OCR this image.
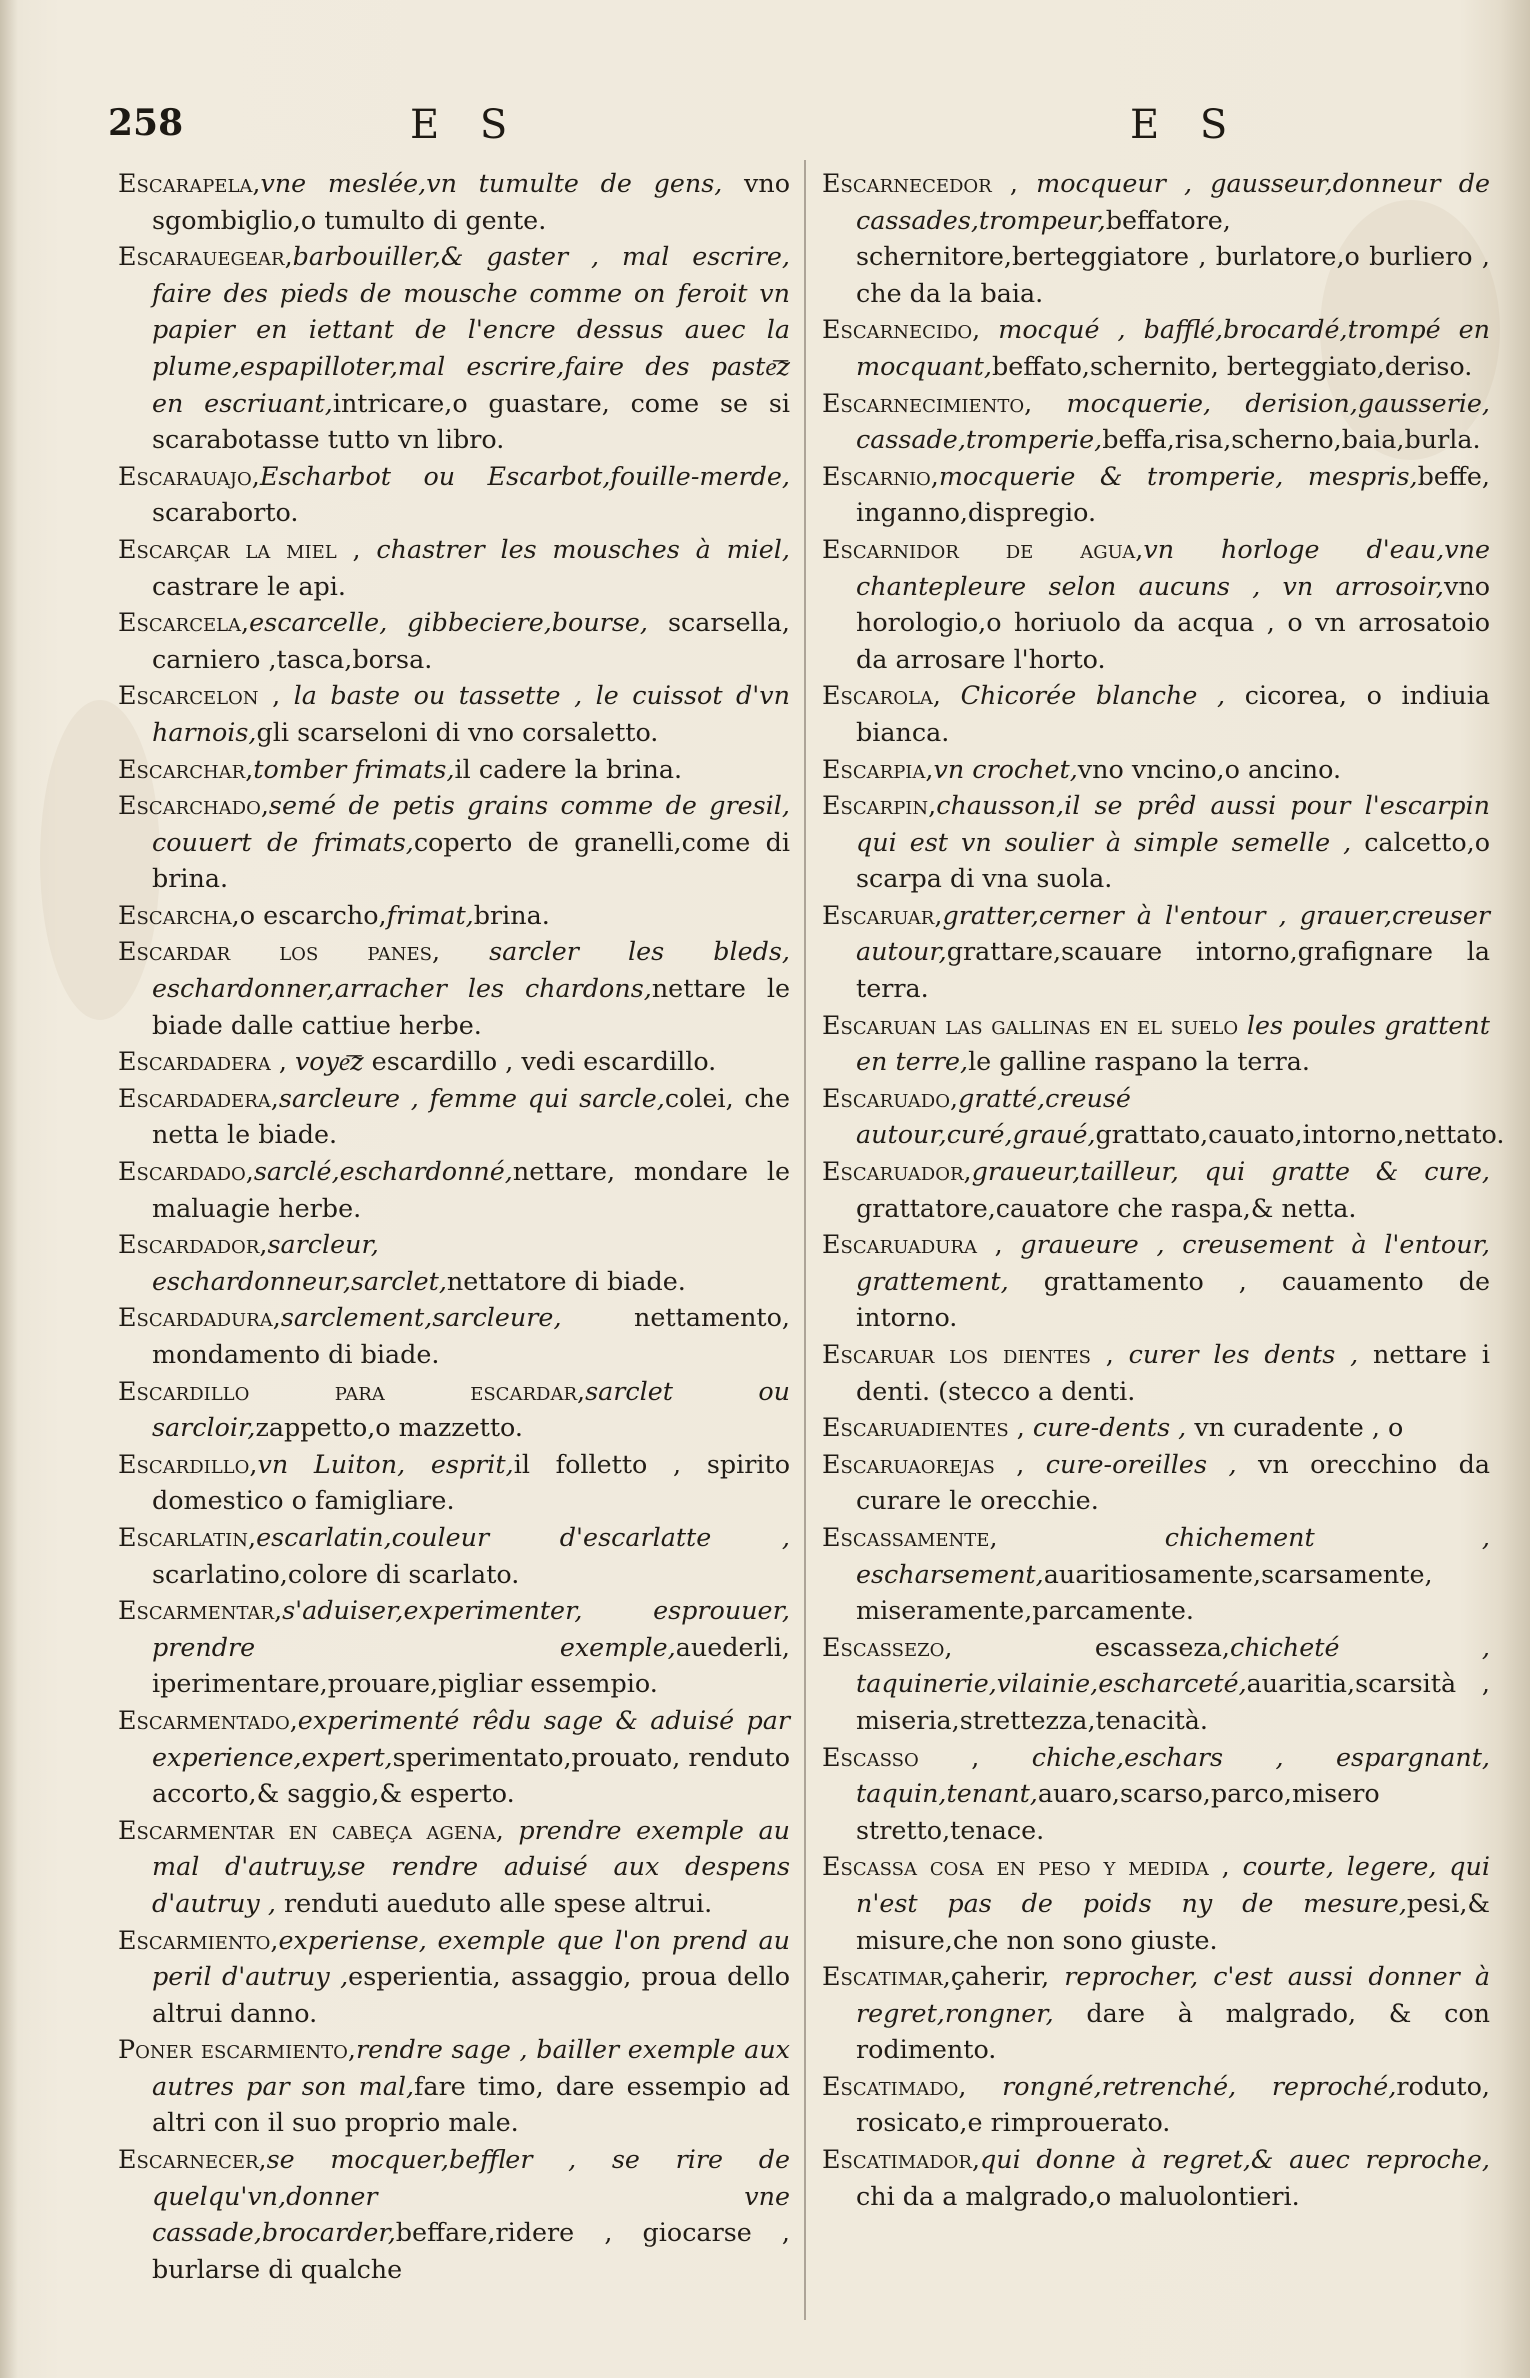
258	E S	E S

Escarapela,vne meslée,vn tumulte de gens, vno sgombiglio,o tumulto di gente.

Escarauegear,barbouiller,& gaster , mal escrire, faire des pieds de mousche comme on feroit vn papier en iettant de l'encre dessus auec la plume,espapilloter,mal escrire,faire des paste͞z en escriuant,intricare,o guastare, come se si scarabotasse tutto vn libro.

Escarauajo,Escharbot ou Escarbot,fouille-merde, scaraborto.

Escarçar la miel , chastrer les mousches à miel, castrare le api.

Escarcela,escarcelle, gibbeciere,bourse, scarsella, carniero ,tasca,borsa.

Escarcelon , la baste ou tassette , le cuissot d'vn harnois,gli scarseloni di vno corsaletto.

Escarchar,tomber frimats,il cadere la brina.

Escarchado,semé de petis grains comme de gresil, couuert de frimats,coperto de granelli,come di brina.

Escarcha,o escarcho,frimat,brina.

Escardar los panes, sarcler les bleds, eschardonner,arracher les chardons,nettare le biade dalle cattiue herbe.

Escardadera , voye͞z escardillo , vedi escardillo.

Escardadera,sarcleure , femme qui sarcle,colei, che netta le biade.

Escardado,sarclé,eschardonné,nettare, mondare le maluagie herbe.

Escardador,sarcleur, eschardonneur,sarclet,nettatore di biade.

Escardadura,sarclement,sarcleure, nettamento, mondamento di biade.

Escardillo para escardar,sarclet ou sarcloir,zappetto,o mazzetto.

Escardillo,vn Luiton, esprit,il folletto , spirito domestico o famigliare.

Escarlatin,escarlatin,couleur d'escarlatte , scarlatino,colore di scarlato.

Escarmentar,s'aduiser,experimenter, esprouuer, prendre exemple,auederli, iperimentare,prouare,pigliar essempio.

Escarmentado,experimenté rêdu sage & aduisé par experience,expert,sperimentato,prouato, renduto accorto,& saggio,& esperto.

Escarmentar en cabeça agena, prendre exemple au mal d'autruy,se rendre aduisé aux despens d'autruy , renduti aueduto alle spese altrui.

Escarmiento,experiense, exemple que l'on prend au peril d'autruy ,esperientia, assaggio, proua dello altrui danno.

Poner escarmiento,rendre sage , bailler exemple aux autres par son mal,fare timo, dare essempio ad altri con il suo proprio male.

Escarnecer,se mocquer,beffler , se rire de quelqu'vn,donner vne cassade,brocarder,beffare,ridere , giocarse , burlarse di qualche

Escarnecedor , mocqueur , gausseur,donneur de cassades,trompeur,beffatore, schernitore,berteggiatore , burlatore,o burliero , che da la baia.

Escarnecido, mocqué , bafflé,brocardé,trompé en mocquant,beffato,schernito, berteggiato,deriso.

Escarnecimiento, mocquerie, derision,gausserie, cassade,tromperie,beffa,risa,scherno,baia,burla.

Escarnio,mocquerie & tromperie, mespris,beffe, inganno,dispregio.

Escarnidor de agua,vn horloge d'eau,vne chantepleure selon aucuns , vn arrosoir,vno horologio,o horiuolo da acqua , o vn arrosatoio da arrosare l'horto.

Escarola, Chicorée blanche , cicorea, o indiuia bianca.

Escarpia,vn crochet,vno vncino,o ancino.

Escarpin,chausson,il se prêd aussi pour l'escarpin qui est vn soulier à simple semelle , calcetto,o scarpa di vna suola.

Escaruar,gratter,cerner à l'entour , grauer,creuser autour,grattare,scauare intorno,grafignare la terra.

Escaruan las gallinas en el suelo les poules grattent en terre,le galline raspano la terra.

Escaruado,gratté,creusé autour,curé,graué,grattato,cauato,intorno,nettato.

Escaruador,graueur,tailleur, qui gratte & cure, grattatore,cauatore che raspa,& netta.

Escaruadura , graueure , creusement à l'entour, grattement, grattamento , cauamento de intorno.

Escaruar los dientes , curer les dents , nettare i denti. (stecco a denti.

Escaruadientes , cure-dents , vn curadente , o

Escaruaorejas , cure-oreilles , vn orecchino da curare le orecchie.

Escassamente, chichement , escharsement,auaritiosamente,scarsamente, miseramente,parcamente.

Escassezo, escasseza,chicheté , taquinerie,vilainie,escharceté,auaritia,scarsità , miseria,strettezza,tenacità.

Escasso , chiche,eschars , espargnant, taquin,tenant,auaro,scarso,parco,misero stretto,tenace.

Escassa cosa en peso y medida , courte, legere, qui n'est pas de poids ny de mesure,pesi,& misure,che non sono giuste.

Escatimar,çaherir, reprocher, c'est aussi donner à regret,rongner, dare à malgrado, & con rodimento.

Escatimado, rongné,retrenché, reproché,roduto, rosicato,e rimprouerato.

Escatimador,qui donne à regret,& auec reproche, chi da a malgrado,o maluolontieri.
